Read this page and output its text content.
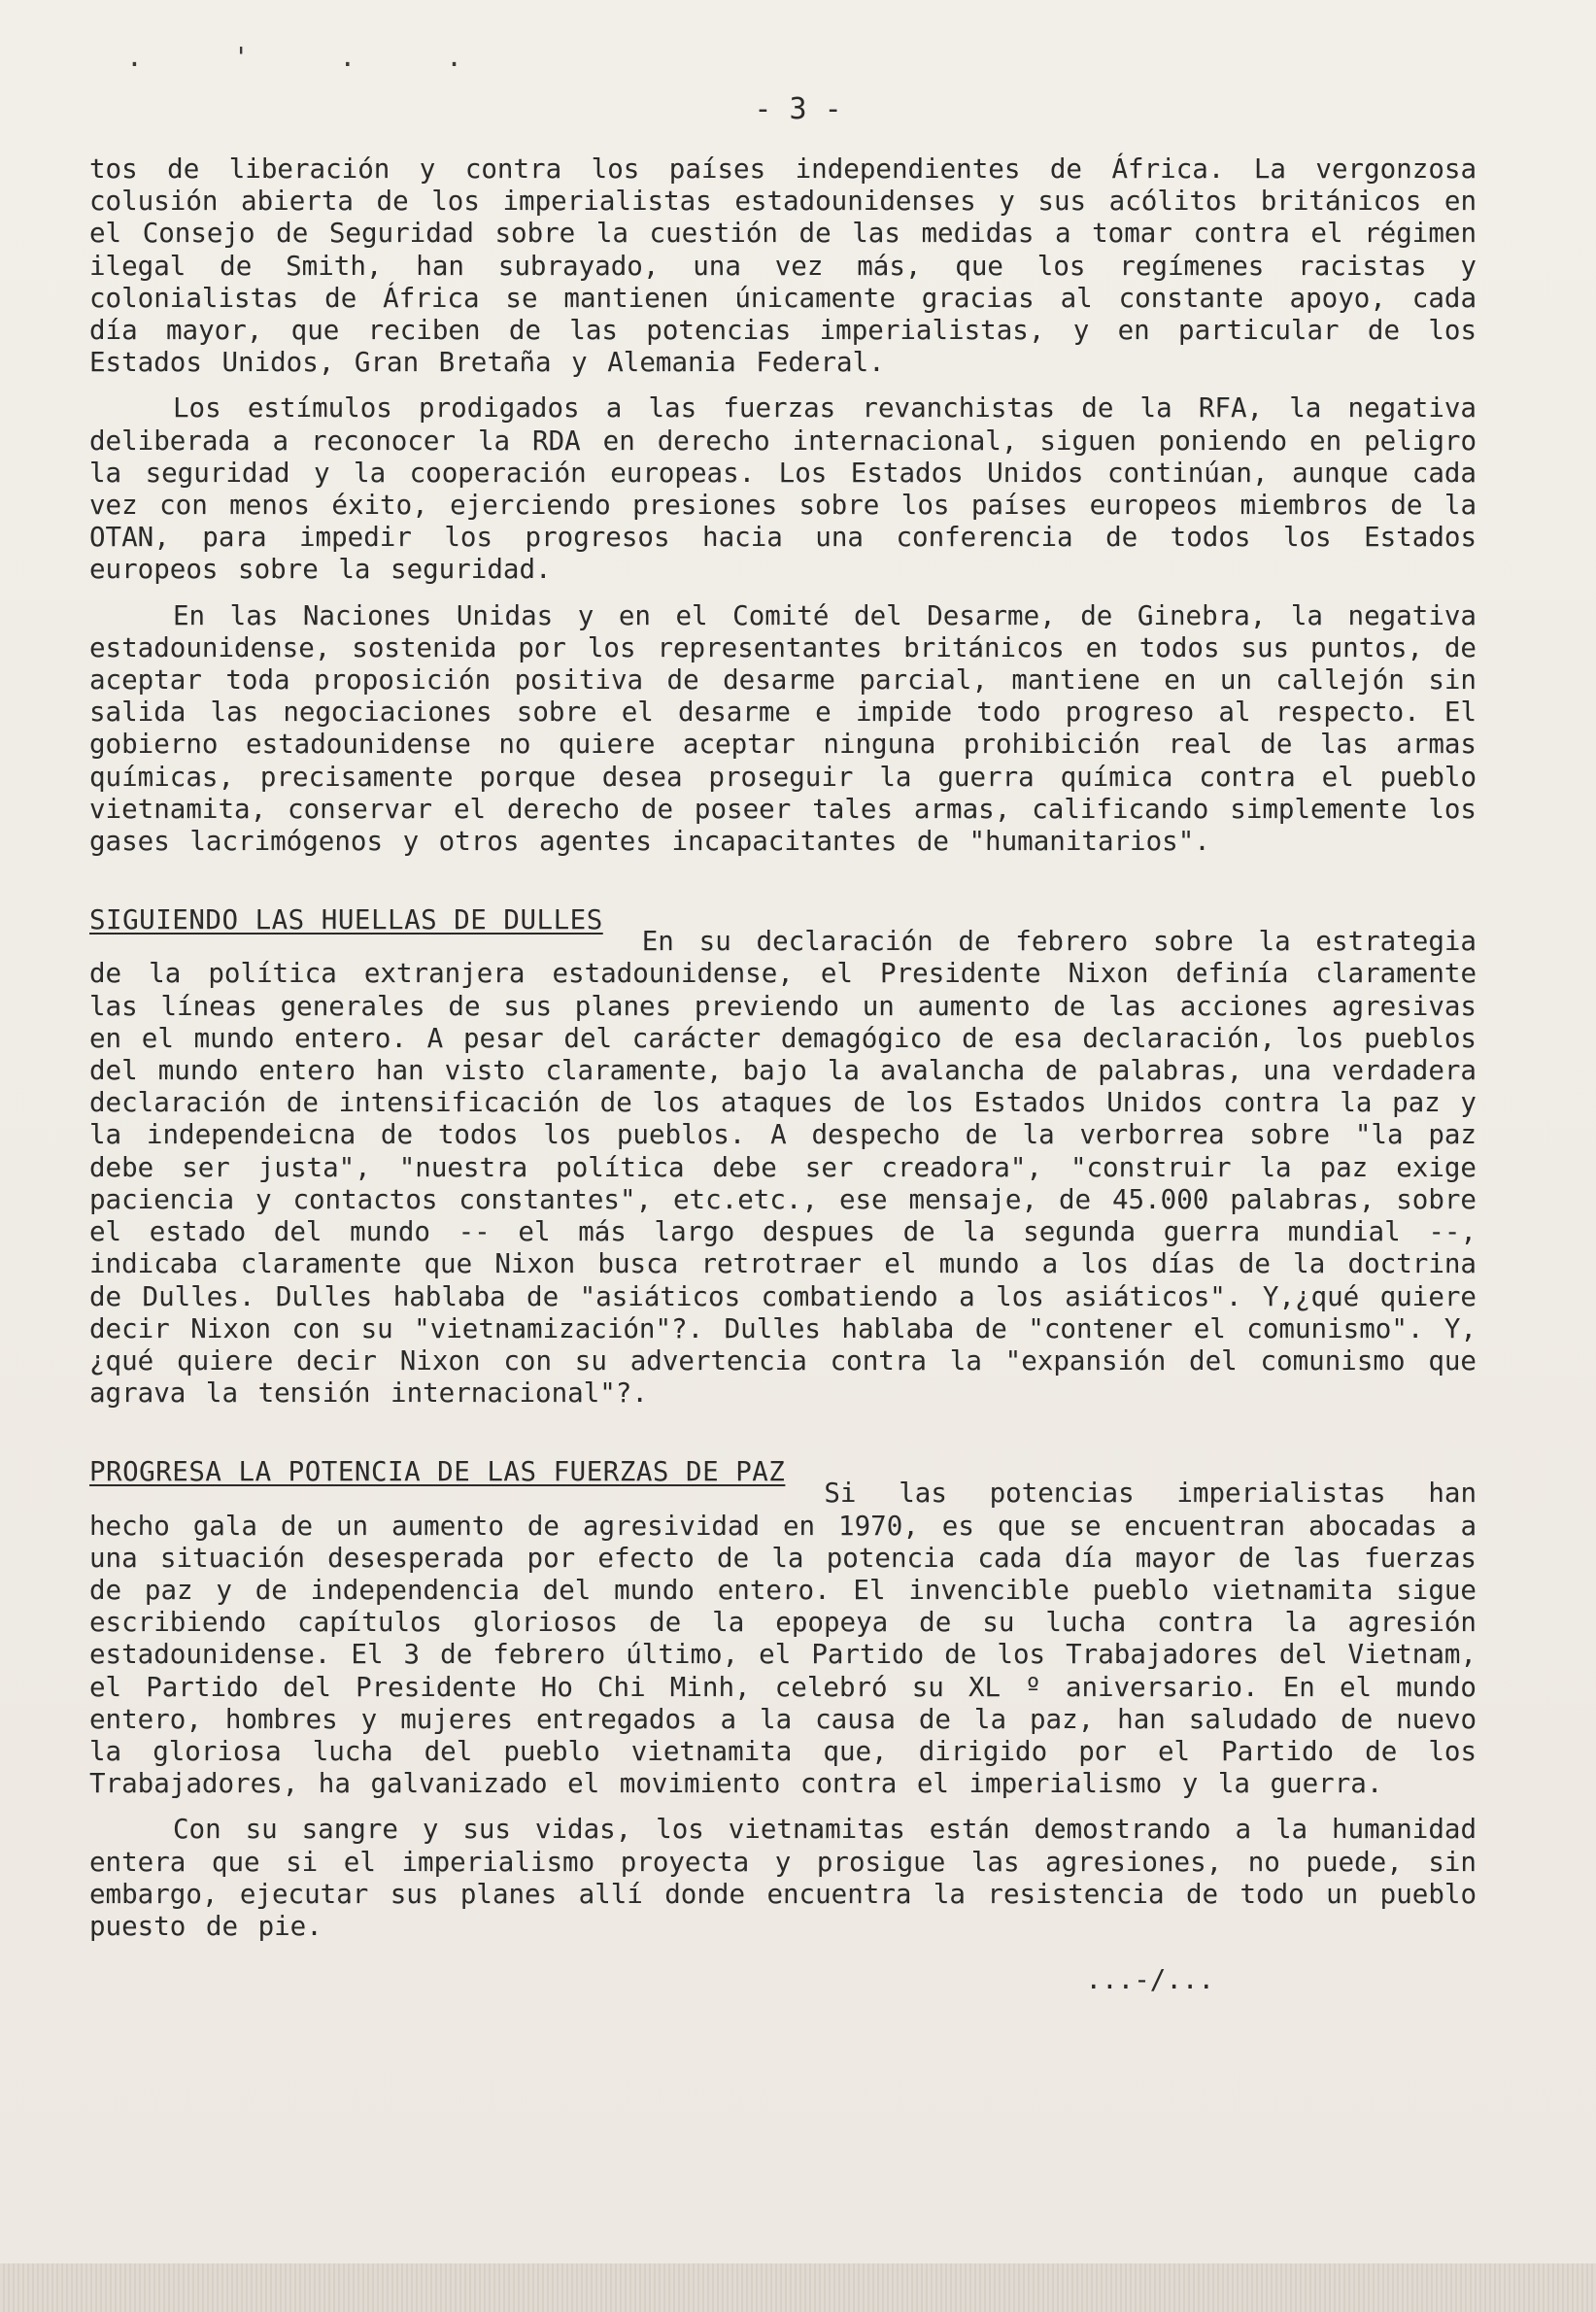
. ' . .
- 3 -

tos de liberación y contra los países independientes de África. La vergonzosa colusión abierta de los imperialistas estadounidenses y sus acólitos británicos en el Consejo de Seguridad sobre la cuestión de las medidas a tomar contra el régimen ilegal de Smith, han subrayado, una vez más, que los regímenes racistas y colonialistas de África se mantienen únicamente gracias al constante apoyo, cada día mayor, que reciben de las potencias imperialistas, y en particular de los Estados Unidos, Gran Bretaña y Alemania Federal.

Los estímulos prodigados a las fuerzas revanchistas de la RFA, la negativa deliberada a reconocer la RDA en derecho internacional, siguen poniendo en peligro la seguridad y la cooperación europeas. Los Estados Unidos continúan, aunque cada vez con menos éxito, ejerciendo presiones sobre los países europeos miembros de la OTAN, para impedir los progresos hacia una conferencia de todos los Estados europeos sobre la seguridad.

En las Naciones Unidas y en el Comité del Desarme, de Ginebra, la negativa estadounidense, sostenida por los representantes británicos en todos sus puntos, de aceptar toda proposición positiva de desarme parcial, mantiene en un callejón sin salida las negociaciones sobre el desarme e impide todo progreso al respecto. El gobierno estadounidense no quiere aceptar ninguna prohibición real de las armas químicas, precisamente porque desea proseguir la guerra química contra el pueblo vietnamita, conservar el derecho de poseer tales armas, calificando simplemente los gases lacrimógenos y otros agentes incapacitantes de "humanitarios".

SIGUIENDO LAS HUELLAS DE DULLES

En su declaración de febrero sobre la estrategia de la política extranjera estadounidense, el Presidente Nixon definía claramente las líneas generales de sus planes previendo un aumento de las acciones agresivas en el mundo entero. A pesar del carácter demagógico de esa declaración, los pueblos del mundo entero han visto claramente, bajo la avalancha de palabras, una verdadera declaración de intensificación de los ataques de los Estados Unidos contra la paz y la independeicna de todos los pueblos. A despecho de la verborrea sobre "la paz debe ser justa", "nuestra política debe ser creadora", "construir la paz exige paciencia y contactos constantes", etc.etc., ese mensaje, de 45.000 palabras, sobre el estado del mundo -- el más largo despues de la segunda guerra mundial --, indicaba claramente que Nixon busca retrotraer el mundo a los días de la doctrina de Dulles. Dulles hablaba de "asiáticos combatiendo a los asiáticos". Y,¿qué quiere decir Nixon con su "vietnamización"?. Dulles hablaba de "contener el comunismo". Y,¿qué quiere decir Nixon con su advertencia contra la "expansión del comunismo que agrava la tensión internacional"?.

PROGRESA LA POTENCIA DE LAS FUERZAS DE PAZ

Si las potencias imperialistas han hecho gala de un aumento de agresividad en 1970, es que se encuentran abocadas a una situación desesperada por efecto de la potencia cada día mayor de las fuerzas de paz y de independencia del mundo entero. El invencible pueblo vietnamita sigue escribiendo capítulos gloriosos de la epopeya de su lucha contra la agresión estadounidense. El 3 de febrero último, el Partido de los Trabajadores del Vietnam, el Partido del Presidente Ho Chi Minh, celebró su XL º aniversario. En el mundo entero, hombres y mujeres entregados a la causa de la paz, han saludado de nuevo la gloriosa lucha del pueblo vietnamita que, dirigido por el Partido de los Trabajadores, ha galvanizado el movimiento contra el imperialismo y la guerra.

Con su sangre y sus vidas, los vietnamitas están demostrando a la humanidad entera que si el imperialismo proyecta y prosigue las agresiones, no puede, sin embargo, ejecutar sus planes allí donde encuentra la resistencia de todo un pueblo puesto de pie.

...-/...
